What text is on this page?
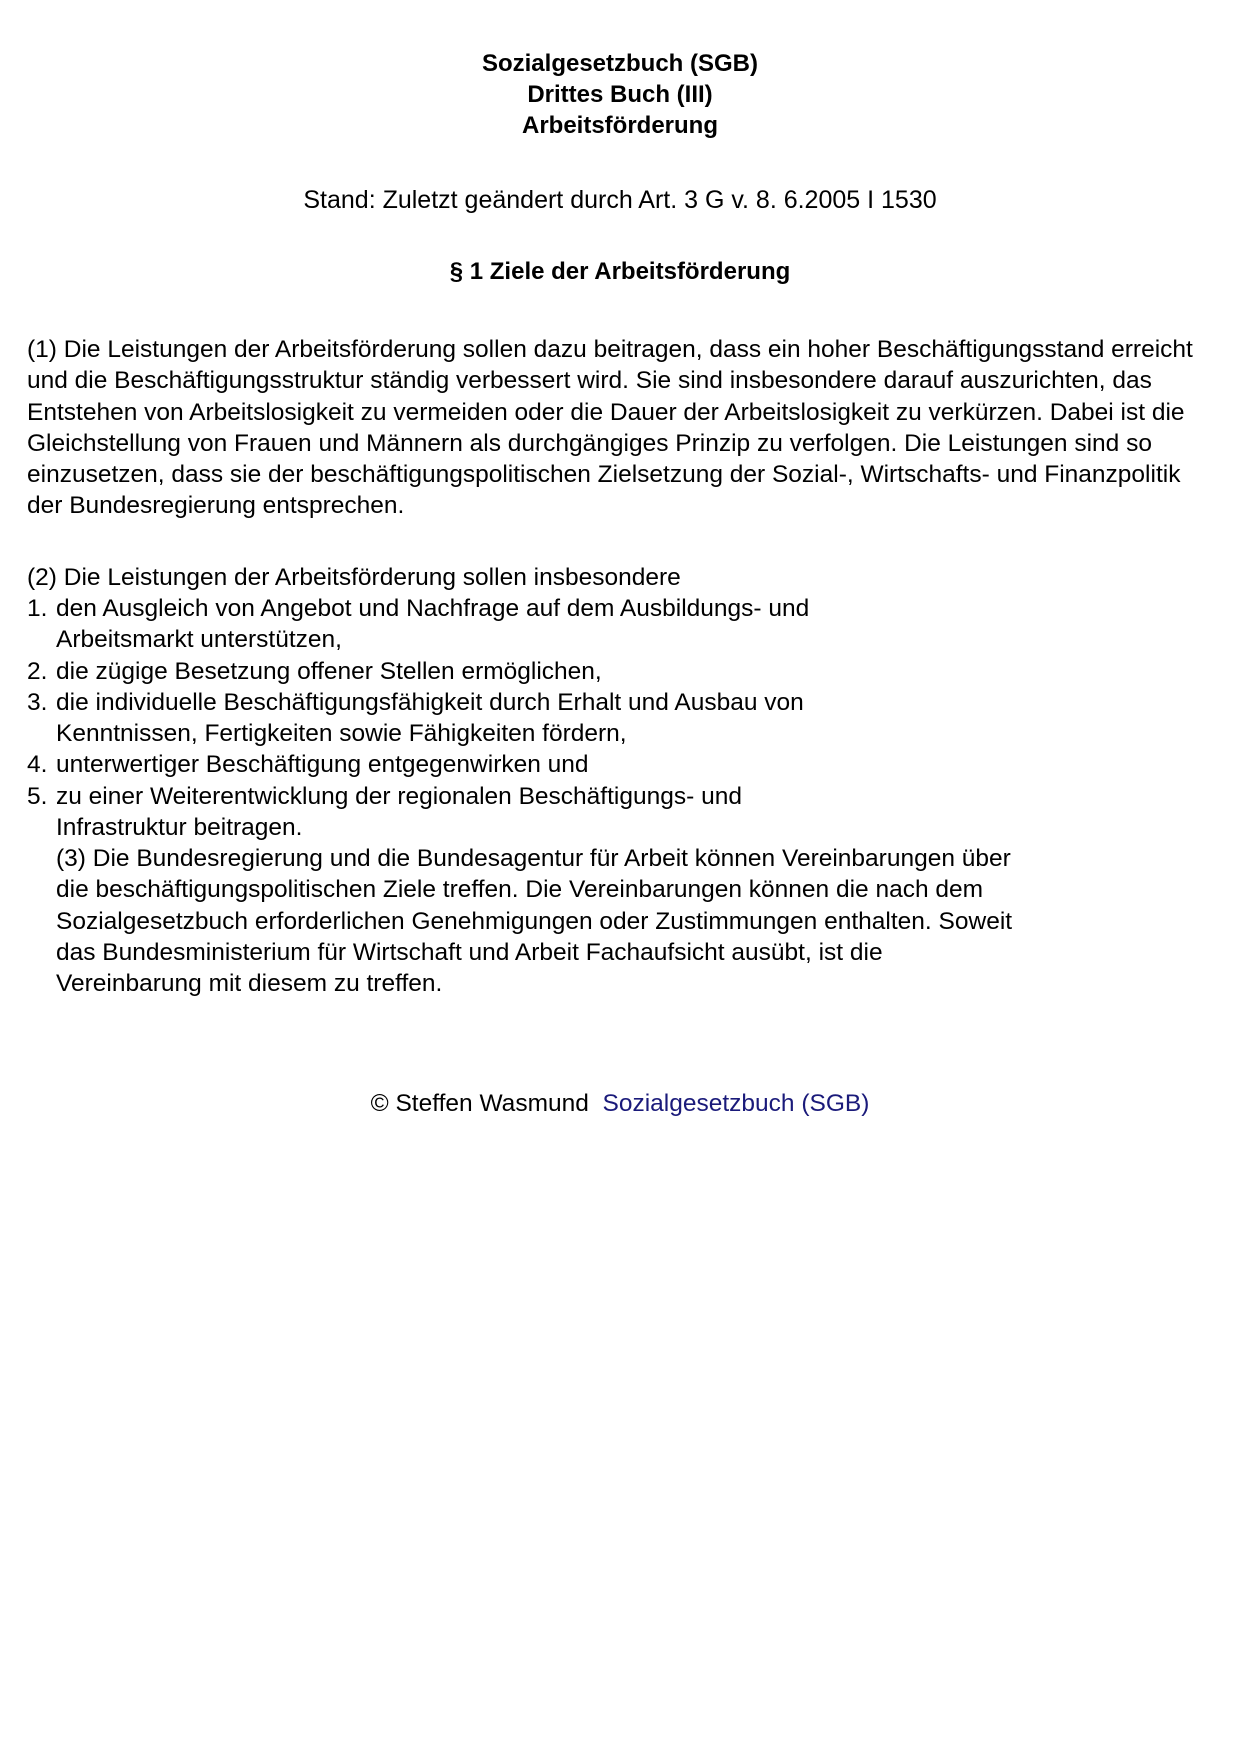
Sozialgesetzbuch (SGB)
Drittes Buch (III)
Arbeitsförderung
Stand: Zuletzt geändert durch Art. 3 G v. 8. 6.2005 I 1530
§ 1 Ziele der Arbeitsförderung
(1) Die Leistungen der Arbeitsförderung sollen dazu beitragen, dass ein hoher Beschäftigungsstand erreicht und die Beschäftigungsstruktur ständig verbessert wird. Sie sind insbesondere darauf auszurichten, das Entstehen von Arbeitslosigkeit zu vermeiden oder die Dauer der Arbeitslosigkeit zu verkürzen. Dabei ist die Gleichstellung von Frauen und Männern als durchgängiges Prinzip zu verfolgen. Die Leistungen sind so einzusetzen, dass sie der beschäftigungspolitischen Zielsetzung der Sozial-, Wirtschafts- und Finanzpolitik der Bundesregierung entsprechen.
(2) Die Leistungen der Arbeitsförderung sollen insbesondere
1. den Ausgleich von Angebot und Nachfrage auf dem Ausbildungs- und Arbeitsmarkt unterstützen,
2. die zügige Besetzung offener Stellen ermöglichen,
3. die individuelle Beschäftigungsfähigkeit durch Erhalt und Ausbau von Kenntnissen, Fertigkeiten sowie Fähigkeiten fördern,
4. unterwertiger Beschäftigung entgegenwirken und
5. zu einer Weiterentwicklung der regionalen Beschäftigungs- und Infrastruktur beitragen.
(3) Die Bundesregierung und die Bundesagentur für Arbeit können Vereinbarungen über die beschäftigungspolitischen Ziele treffen. Die Vereinbarungen können die nach dem Sozialgesetzbuch erforderlichen Genehmigungen oder Zustimmungen enthalten. Soweit das Bundesministerium für Wirtschaft und Arbeit Fachaufsicht ausübt, ist die Vereinbarung mit diesem zu treffen.
© Steffen Wasmund Sozialgesetzbuch (SGB)
